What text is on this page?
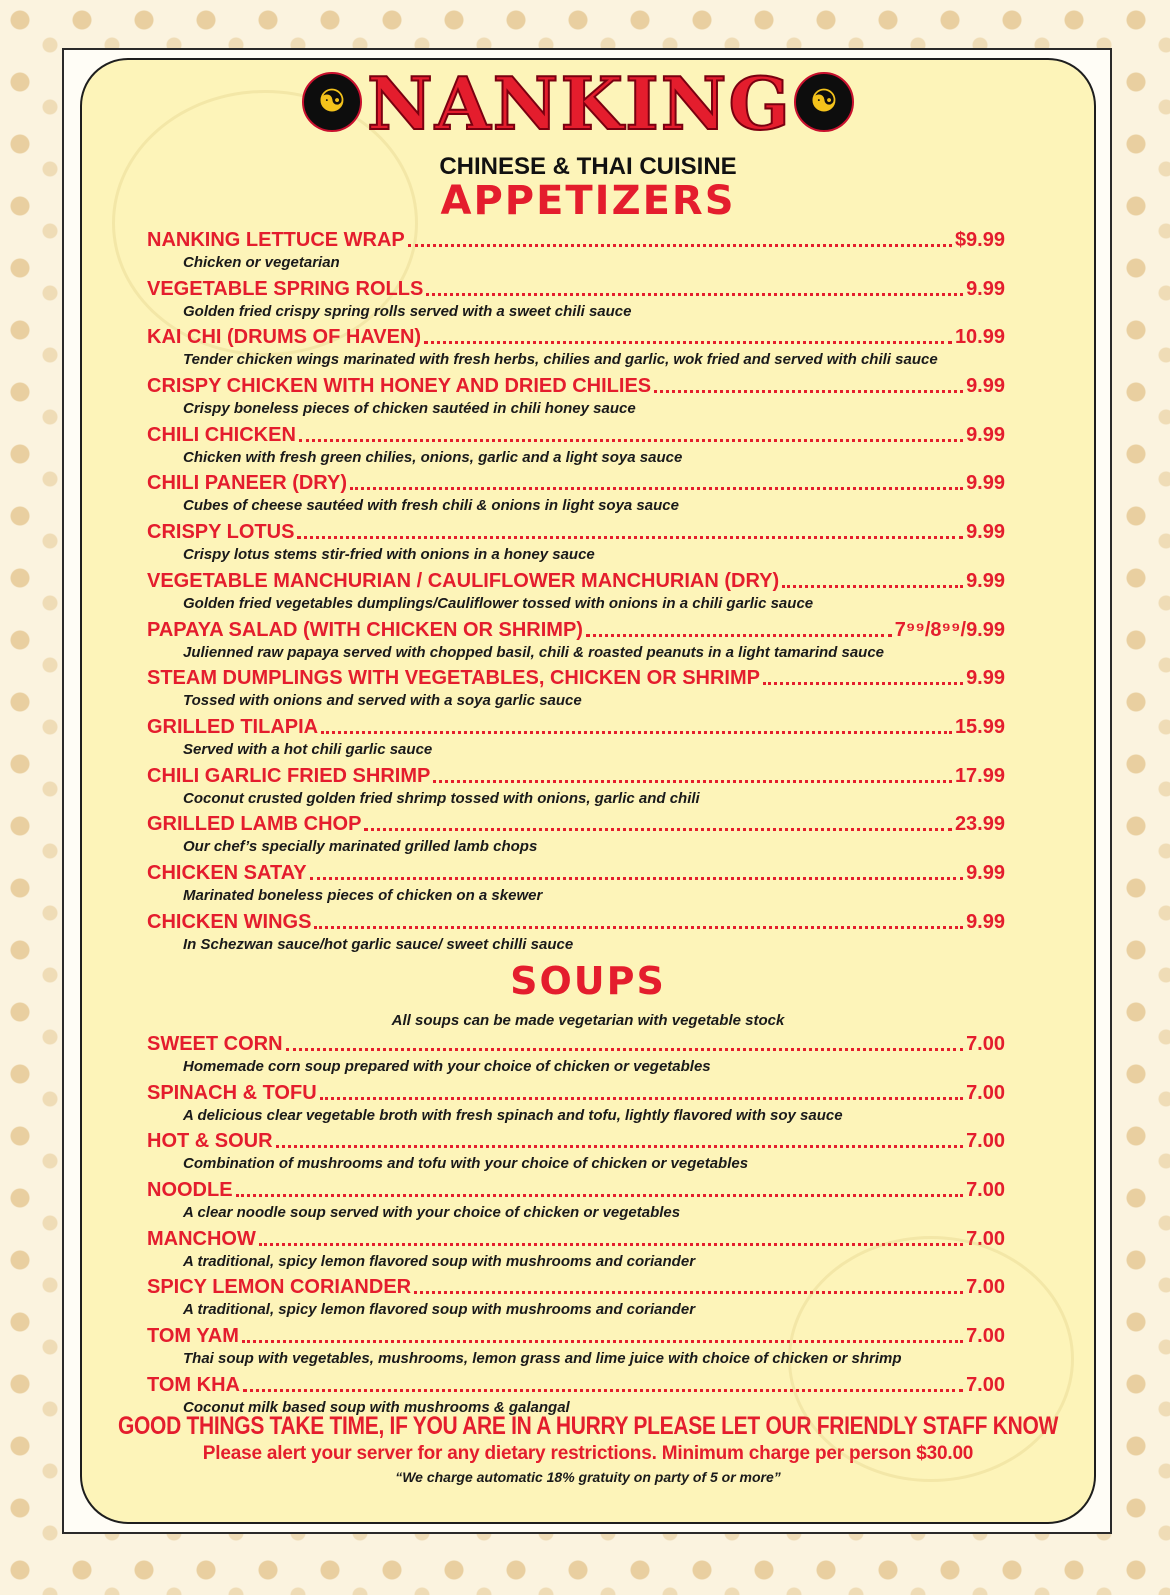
☯ NANKING ☯
CHINESE & THAI CUISINE
APPETIZERS
NANKING LETTUCE WRAP	$9.99
Chicken or vegetarian
VEGETABLE SPRING ROLLS	9.99
Golden fried crispy spring rolls served with a sweet chili sauce
KAI CHI (DRUMS OF HAVEN)	10.99
Tender chicken wings marinated with fresh herbs, chilies and garlic, wok fried and served with chili sauce
CRISPY CHICKEN WITH HONEY AND DRIED CHILIES	9.99
Crispy boneless pieces of chicken sautéed in chili honey sauce
CHILI CHICKEN	9.99
Chicken with fresh green chilies, onions, garlic and a light soya sauce
CHILI PANEER (DRY)	9.99
Cubes of cheese sautéed with fresh chili & onions in light soya sauce
CRISPY LOTUS	9.99
Crispy lotus stems stir-fried with onions in a honey sauce
VEGETABLE MANCHURIAN / CAULIFLOWER MANCHURIAN (DRY)	9.99
Golden fried vegetables dumplings/Cauliflower tossed with onions in a chili garlic sauce
PAPAYA SALAD (WITH CHICKEN OR SHRIMP)	7⁹⁹/8⁹⁹/9.99
Julienned raw papaya served with chopped basil, chili & roasted peanuts in a light tamarind sauce
STEAM DUMPLINGS WITH VEGETABLES, CHICKEN OR SHRIMP	9.99
Tossed with onions and served with a soya garlic sauce
GRILLED TILAPIA	15.99
Served with a hot chili garlic sauce
CHILI GARLIC FRIED SHRIMP	17.99
Coconut crusted golden fried shrimp tossed with onions, garlic and chili
GRILLED LAMB CHOP	23.99
Our chef’s specially marinated grilled lamb chops
CHICKEN SATAY	9.99
Marinated boneless pieces of chicken on a skewer
CHICKEN WINGS	9.99
In Schezwan sauce/hot garlic sauce/ sweet chilli sauce
SOUPS
All soups can be made vegetarian with vegetable stock
SWEET CORN	7.00
Homemade corn soup prepared with your choice of chicken or vegetables
SPINACH & TOFU	7.00
A delicious clear vegetable broth with fresh spinach and tofu, lightly flavored with soy sauce
HOT & SOUR	7.00
Combination of mushrooms and tofu with your choice of chicken or vegetables
NOODLE	7.00
A clear noodle soup served with your choice of chicken or vegetables
MANCHOW	7.00
A traditional, spicy lemon flavored soup with mushrooms and coriander
SPICY LEMON CORIANDER	7.00
A traditional, spicy lemon flavored soup with mushrooms and coriander
TOM YAM	7.00
Thai soup with vegetables, mushrooms, lemon grass and lime juice with choice of chicken or shrimp
TOM KHA	7.00
Coconut milk based soup with mushrooms & galangal
GOOD THINGS TAKE TIME, IF YOU ARE IN A HURRY PLEASE LET OUR FRIENDLY STAFF KNOW
Please alert your server for any dietary restrictions. Minimum charge per person $30.00
“We charge automatic 18% gratuity on party of 5 or more”
